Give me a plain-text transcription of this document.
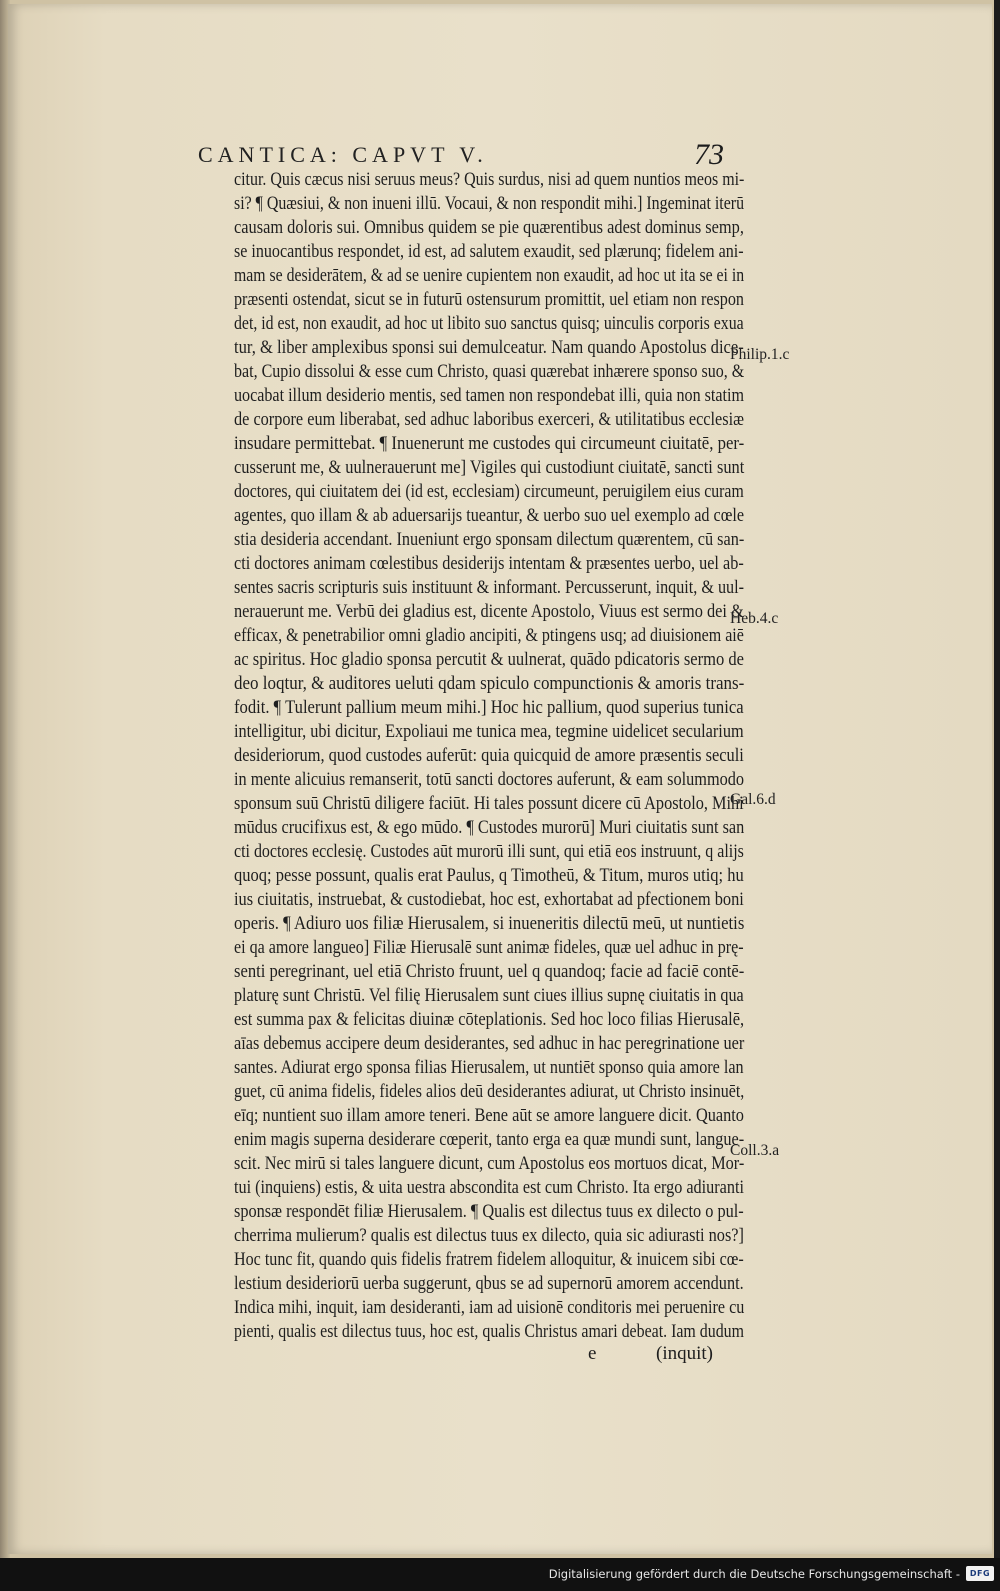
CANTICA: CAPVT V.	73
citur. Quis cæcus nisi seruus meus? Quis surdus, nisi ad quem nuntios meos mi-
si? ¶ Quæsiui, & non inueni illū. Vocaui, & non respondit mihi.] Ingeminat iterū
causam doloris sui. Omnibus quidem se pie quærentibus adest dominus semp,
se inuocantibus respondet, id est, ad salutem exaudit, sed plærunq; fidelem ani-
mam se desiderātem, & ad se uenire cupientem non exaudit, ad hoc ut ita se ei in
præsenti ostendat, sicut se in futurū ostensurum promittit, uel etiam non respon
det, id est, non exaudit, ad hoc ut libito suo sanctus quisq; uinculis corporis exua
tur, & liber amplexibus sponsi sui demulceatur. Nam quando Apostolus dice-
bat, Cupio dissolui & esse cum Christo, quasi quærebat inhærere sponso suo, &
uocabat illum desiderio mentis, sed tamen non respondebat illi, quia non statim
de corpore eum liberabat, sed adhuc laboribus exerceri, & utilitatibus ecclesiæ
insudare permittebat. ¶ Inuenerunt me custodes qui circumeunt ciuitatē, per-
cusserunt me, & uulnerauerunt me] Vigiles qui custodiunt ciuitatē, sancti sunt
doctores, qui ciuitatem dei (id est, ecclesiam) circumeunt, peruigilem eius curam
agentes, quo illam & ab aduersarijs tueantur, & uerbo suo uel exemplo ad cœle
stia desideria accendant. Inueniunt ergo sponsam dilectum quærentem, cū san-
cti doctores animam cœlestibus desiderijs intentam & præsentes uerbo, uel ab-
sentes sacris scripturis suis instituunt & informant. Percusserunt, inquit, & uul-
nerauerunt me. Verbū dei gladius est, dicente Apostolo, Viuus est sermo dei &
efficax, & penetrabilior omni gladio ancipiti, & ptingens usq; ad diuisionem aiē
ac spiritus. Hoc gladio sponsa percutit & uulnerat, quādo pdicatoris sermo de
deo loqtur, & auditores ueluti qdam spiculo compunctionis & amoris trans-
fodit. ¶ Tulerunt pallium meum mihi.] Hoc hic pallium, quod superius tunica
intelligitur, ubi dicitur, Expoliaui me tunica mea, tegmine uidelicet secularium
desideriorum, quod custodes auferūt: quia quicquid de amore præsentis seculi
in mente alicuius remanserit, totū sancti doctores auferunt, & eam solummodo
sponsum suū Christū diligere faciūt. Hi tales possunt dicere cū Apostolo, Mihi
mūdus crucifixus est, & ego mūdo. ¶ Custodes murorū] Muri ciuitatis sunt san
cti doctores ecclesię. Custodes aūt murorū illi sunt, qui etiā eos instruunt, q alijs
quoq; pesse possunt, qualis erat Paulus, q Timotheū, & Titum, muros utiq; hu
ius ciuitatis, instruebat, & custodiebat, hoc est, exhortabat ad pfectionem boni
operis. ¶ Adiuro uos filiæ Hierusalem, si inueneritis dilectū meū, ut nuntietis
ei qa amore langueo] Filiæ Hierusalē sunt animæ fideles, quæ uel adhuc in prę-
senti peregrinant, uel etiā Christo fruunt, uel q quandoq; facie ad faciē contē-
platurę sunt Christū. Vel filię Hierusalem sunt ciues illius supnę ciuitatis in qua
est summa pax & felicitas diuinæ cōteplationis. Sed hoc loco filias Hierusalē,
aīas debemus accipere deum desiderantes, sed adhuc in hac peregrinatione uer
santes. Adiurat ergo sponsa filias Hierusalem, ut nuntiēt sponso quia amore lan
guet, cū anima fidelis, fideles alios deū desiderantes adiurat, ut Christo insinuēt,
eīq; nuntient suo illam amore teneri. Bene aūt se amore languere dicit. Quanto
enim magis superna desiderare cœperit, tanto erga ea quæ mundi sunt, langue-
scit. Nec mirū si tales languere dicunt, cum Apostolus eos mortuos dicat, Mor-
tui (inquiens) estis, & uita uestra abscondita est cum Christo. Ita ergo adiuranti
sponsæ respondēt filiæ Hierusalem. ¶ Qualis est dilectus tuus ex dilecto o pul-
cherrima mulierum? qualis est dilectus tuus ex dilecto, quia sic adiurasti nos?]
Hoc tunc fit, quando quis fidelis fratrem fidelem alloquitur, & inuicem sibi cœ-
lestium desideriorū uerba suggerunt, qbus se ad supernorū amorem accendunt.
Indica mihi, inquit, iam desideranti, iam ad uisionē conditoris mei peruenire cu
pienti, qualis est dilectus tuus, hoc est, qualis Christus amari debeat. Iam dudum
Philip.1.c
Heb.4.c
Gal.6.d
Coll.3.a
e	(inquit)
Digitalisierung gefördert durch die Deutsche Forschungsgemeinschaft -	DFG
